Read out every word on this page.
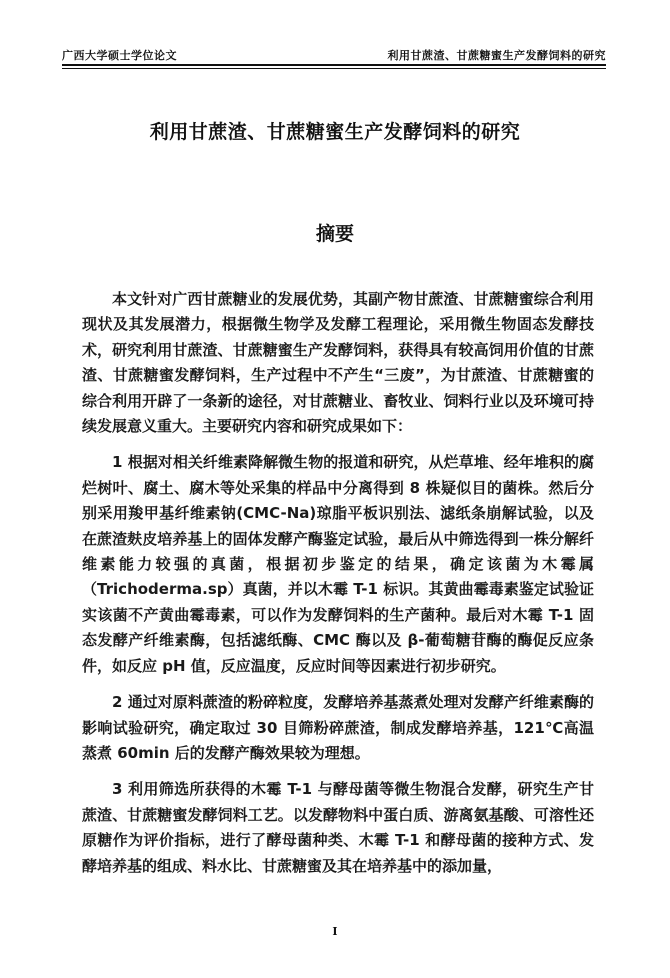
广西大学硕士学位论文	利用甘蔗渣、甘蔗糖蜜生产发酵饲料的研究
利用甘蔗渣、甘蔗糖蜜生产发酵饲料的研究
摘要

本文针对广西甘蔗糖业的发展优势，其副产物甘蔗渣、甘蔗糖蜜综合利用现状及其发展潜力，根据微生物学及发酵工程理论，采用微生物固态发酵技术，研究利用甘蔗渣、甘蔗糖蜜生产发酵饲料，获得具有较高饲用价值的甘蔗渣、甘蔗糖蜜发酵饲料，生产过程中不产生“三废”，为甘蔗渣、甘蔗糖蜜的综合利用开辟了一条新的途径，对甘蔗糖业、畜牧业、饲料行业以及环境可持续发展意义重大。主要研究内容和研究成果如下：

1 根据对相关纤维素降解微生物的报道和研究，从烂草堆、经年堆积的腐烂树叶、腐土、腐木等处采集的样品中分离得到 8 株疑似目的菌株。然后分别采用羧甲基纤维素钠(CMC-Na)琼脂平板识别法、滤纸条崩解试验，以及在蔗渣麸皮培养基上的固体发酵产酶鉴定试验，最后从中筛选得到一株分解纤维素能力较强的真菌，根据初步鉴定的结果，确定该菌为木霉属（Trichoderma.sp）真菌，并以木霉 T-1 标识。其黄曲霉毒素鉴定试验证实该菌不产黄曲霉毒素，可以作为发酵饲料的生产菌种。最后对木霉 T-1 固态发酵产纤维素酶，包括滤纸酶、CMC 酶以及 β-葡萄糖苷酶的酶促反应条件，如反应 pH 值，反应温度，反应时间等因素进行初步研究。

2 通过对原料蔗渣的粉碎粒度，发酵培养基蒸煮处理对发酵产纤维素酶的影响试验研究，确定取过 30 目筛粉碎蔗渣，制成发酵培养基，121℃高温蒸煮 60min 后的发酵产酶效果较为理想。

3 利用筛选所获得的木霉 T-1 与酵母菌等微生物混合发酵，研究生产甘蔗渣、甘蔗糖蜜发酵饲料工艺。以发酵物料中蛋白质、游离氨基酸、可溶性还原糖作为评价指标，进行了酵母菌种类、木霉 T-1 和酵母菌的接种方式、发酵培养基的组成、料水比、甘蔗糖蜜及其在培养基中的添加量，

I
